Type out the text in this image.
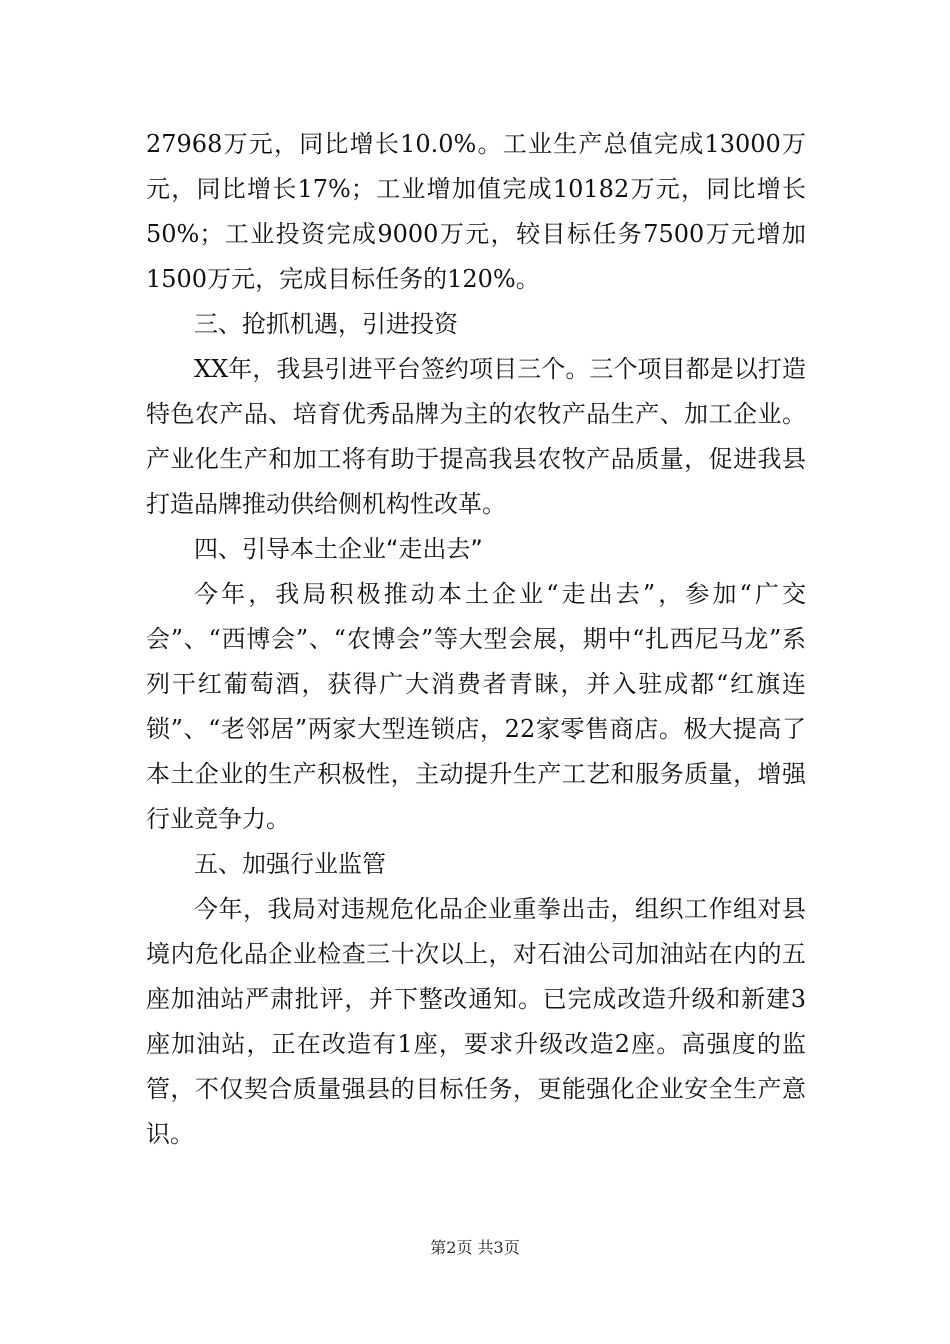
27968万元，同比增长10.0%。工业生产总值完成13000万元，同比增长17%；工业增加值完成10182万元，同比增长50%；工业投资完成9000万元，较目标任务7500万元增加1500万元，完成目标任务的120%。

三、抢抓机遇，引进投资

XX年，我县引进平台签约项目三个。三个项目都是以打造特色农产品、培育优秀品牌为主的农牧产品生产、加工企业。产业化生产和加工将有助于提高我县农牧产品质量，促进我县打造品牌推动供给侧机构性改革。

四、引导本土企业“走出去”

今年，我局积极推动本土企业“走出去”，参加“广交会”、“西博会”、“农博会”等大型会展，期中“扎西尼马龙”系列干红葡萄酒，获得广大消费者青睐，并入驻成都“红旗连锁”、“老邻居”两家大型连锁店，22家零售商店。极大提高了本土企业的生产积极性，主动提升生产工艺和服务质量，增强行业竞争力。

五、加强行业监管

今年，我局对违规危化品企业重拳出击，组织工作组对县境内危化品企业检查三十次以上，对石油公司加油站在内的五座加油站严肃批评，并下整改通知。已完成改造升级和新建3座加油站，正在改造有1座，要求升级改造2座。高强度的监管，不仅契合质量强县的目标任务，更能强化企业安全生产意识。

第2页 共3页
